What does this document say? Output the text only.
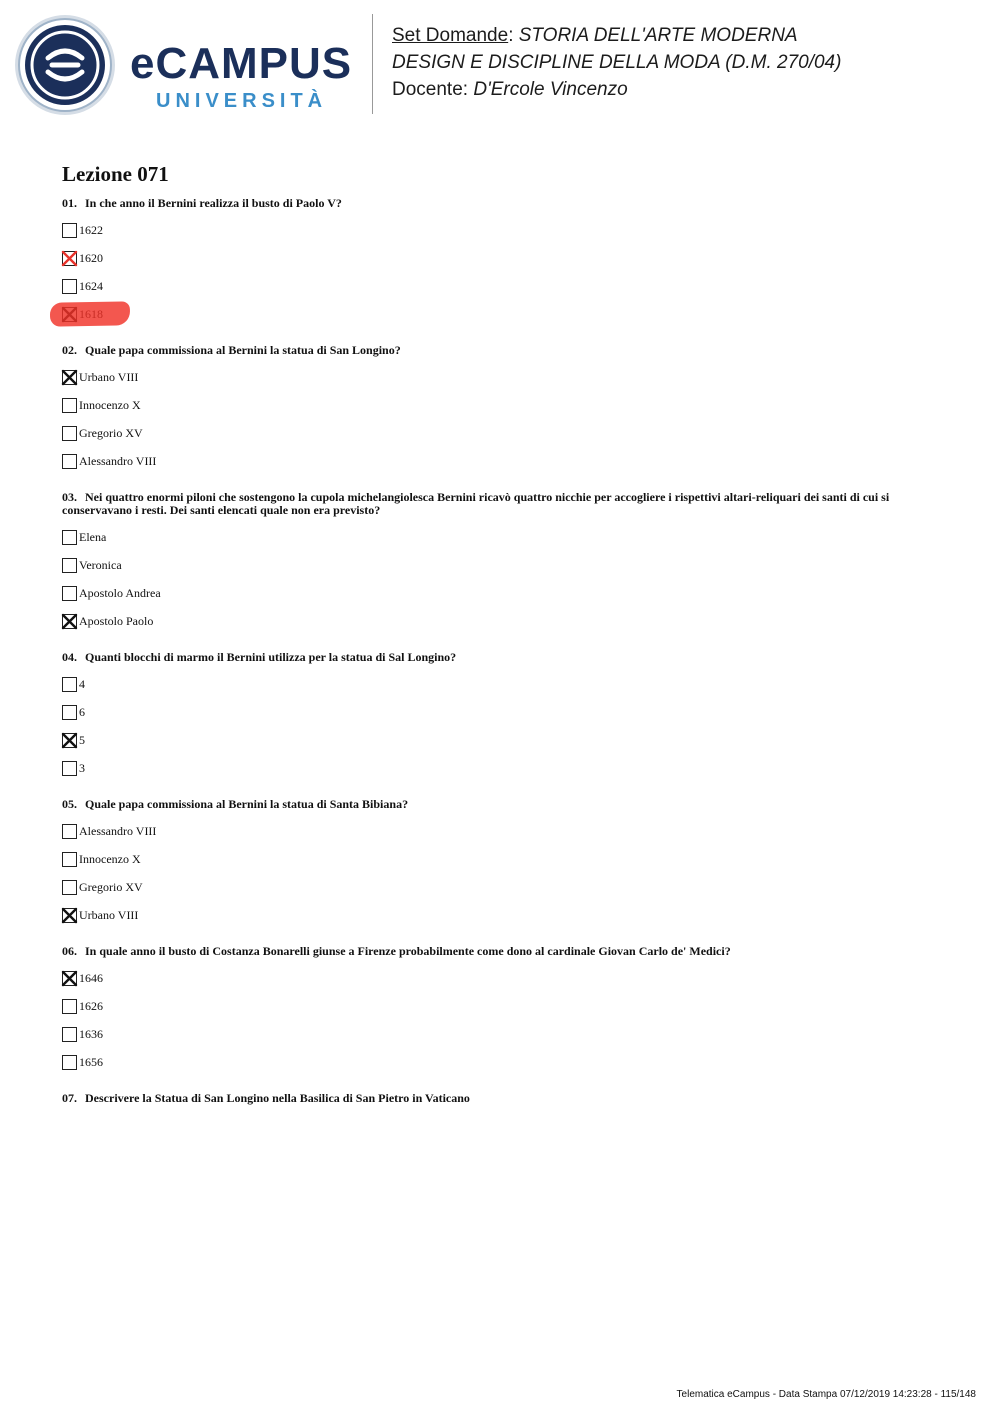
eCAMPUS
UNIVERSITÀ
Set Domande: STORIA DELL'ARTE MODERNA
DESIGN E DISCIPLINE DELLA MODA (D.M. 270/04)
Docente: D'Ercole Vincenzo
Lezione 071
01. In che anno il Bernini realizza il busto di Paolo V?
1622
1620
1624
02. Quale papa commissiona al Bernini la statua di San Longino?
Urbano VIII
Innocenzo X
Gregorio XV
Alessandro VIII
03. Nei quattro enormi piloni che sostengono la cupola michelangiolesca Bernini ricavò quattro nicchie per accogliere i rispettivi altari-reliquari dei santi di cui si conservavano i resti. Dei santi elencati quale non era previsto?
Elena
Veronica
Apostolo Andrea
Apostolo Paolo
04. Quanti blocchi di marmo il Bernini utilizza per la statua di Sal Longino?
4
6
5
3
05. Quale papa commissiona al Bernini la statua di Santa Bibiana?
Alessandro VIII
Innocenzo X
Gregorio XV
Urbano VIII
06. In quale anno il busto di Costanza Bonarelli giunse a Firenze probabilmente come dono al cardinale Giovan Carlo de' Medici?
1646
1626
1636
1656
07. Descrivere la Statua di San Longino nella Basilica di San Pietro in Vaticano
Telematica eCampus - Data Stampa 07/12/2019 14:23:28 - 115/148
